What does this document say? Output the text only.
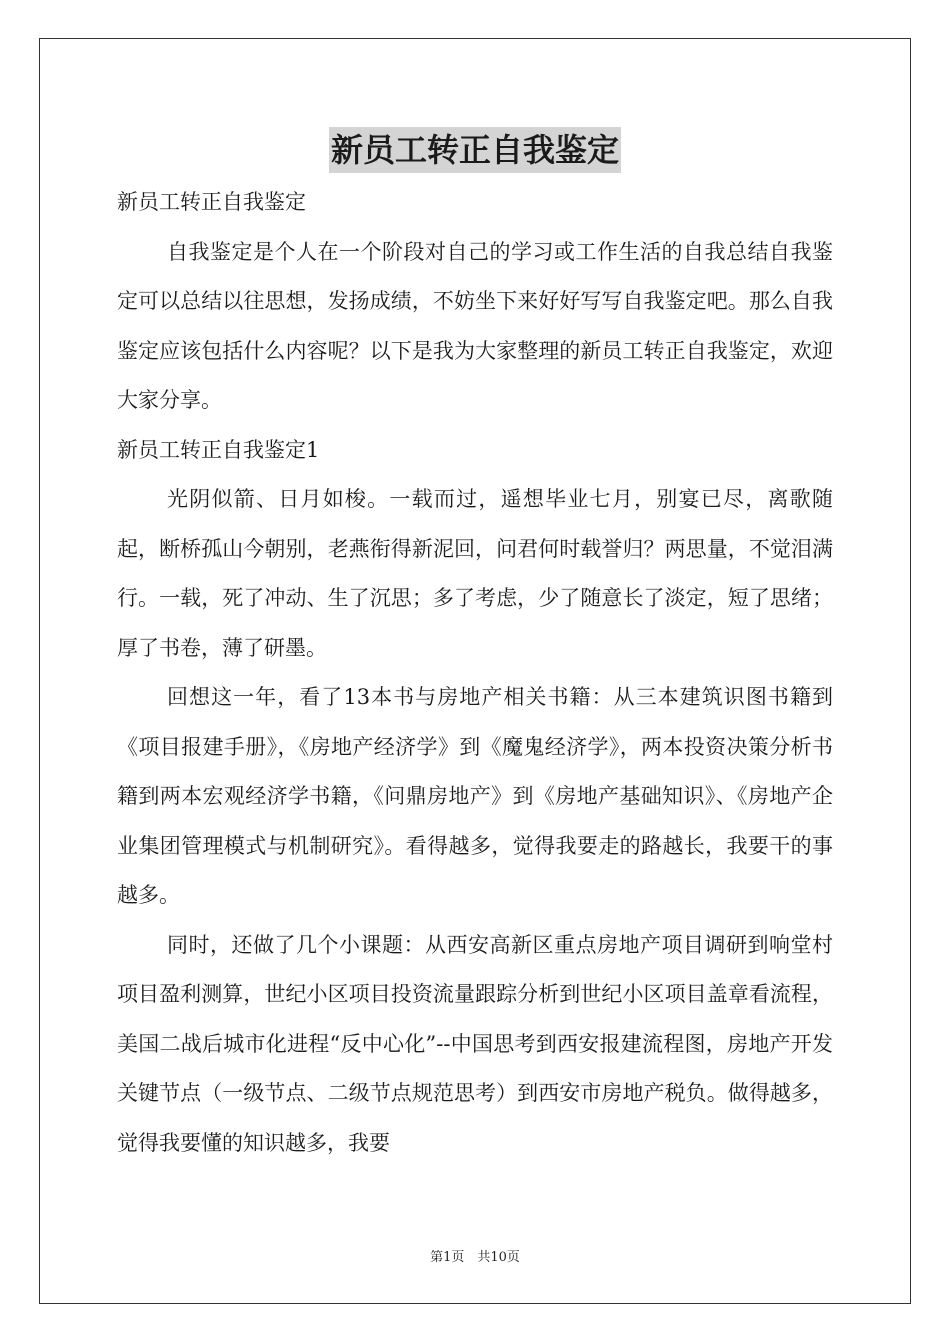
新员工转正自我鉴定

新员工转正自我鉴定

自我鉴定是个人在一个阶段对自己的学习或工作生活的自我总结自我鉴定可以总结以往思想，发扬成绩，不妨坐下来好好写写自我鉴定吧。那么自我鉴定应该包括什么内容呢？以下是我为大家整理的新员工转正自我鉴定，欢迎大家分享。

新员工转正自我鉴定1

光阴似箭、日月如梭。一载而过，遥想毕业七月，别宴已尽，离歌随起，断桥孤山今朝别，老燕衔得新泥回，问君何时载誉归？两思量，不觉泪满行。一载，死了冲动、生了沉思；多了考虑，少了随意长了淡定，短了思绪；厚了书卷，薄了研墨。

回想这一年，看了13本书与房地产相关书籍：从三本建筑识图书籍到《项目报建手册》，《房地产经济学》到《魔鬼经济学》，两本投资决策分析书籍到两本宏观经济学书籍，《问鼎房地产》到《房地产基础知识》、《房地产企业集团管理模式与机制研究》。看得越多，觉得我要走的路越长，我要干的事越多。

同时，还做了几个小课题：从西安高新区重点房地产项目调研到响堂村项目盈利测算，世纪小区项目投资流量跟踪分析到世纪小区项目盖章看流程，美国二战后城市化进程“反中心化”--中国思考到西安报建流程图，房地产开发关键节点（一级节点、二级节点规范思考）到西安市房地产税负。做得越多，觉得我要懂的知识越多，我要

第1页　共10页
